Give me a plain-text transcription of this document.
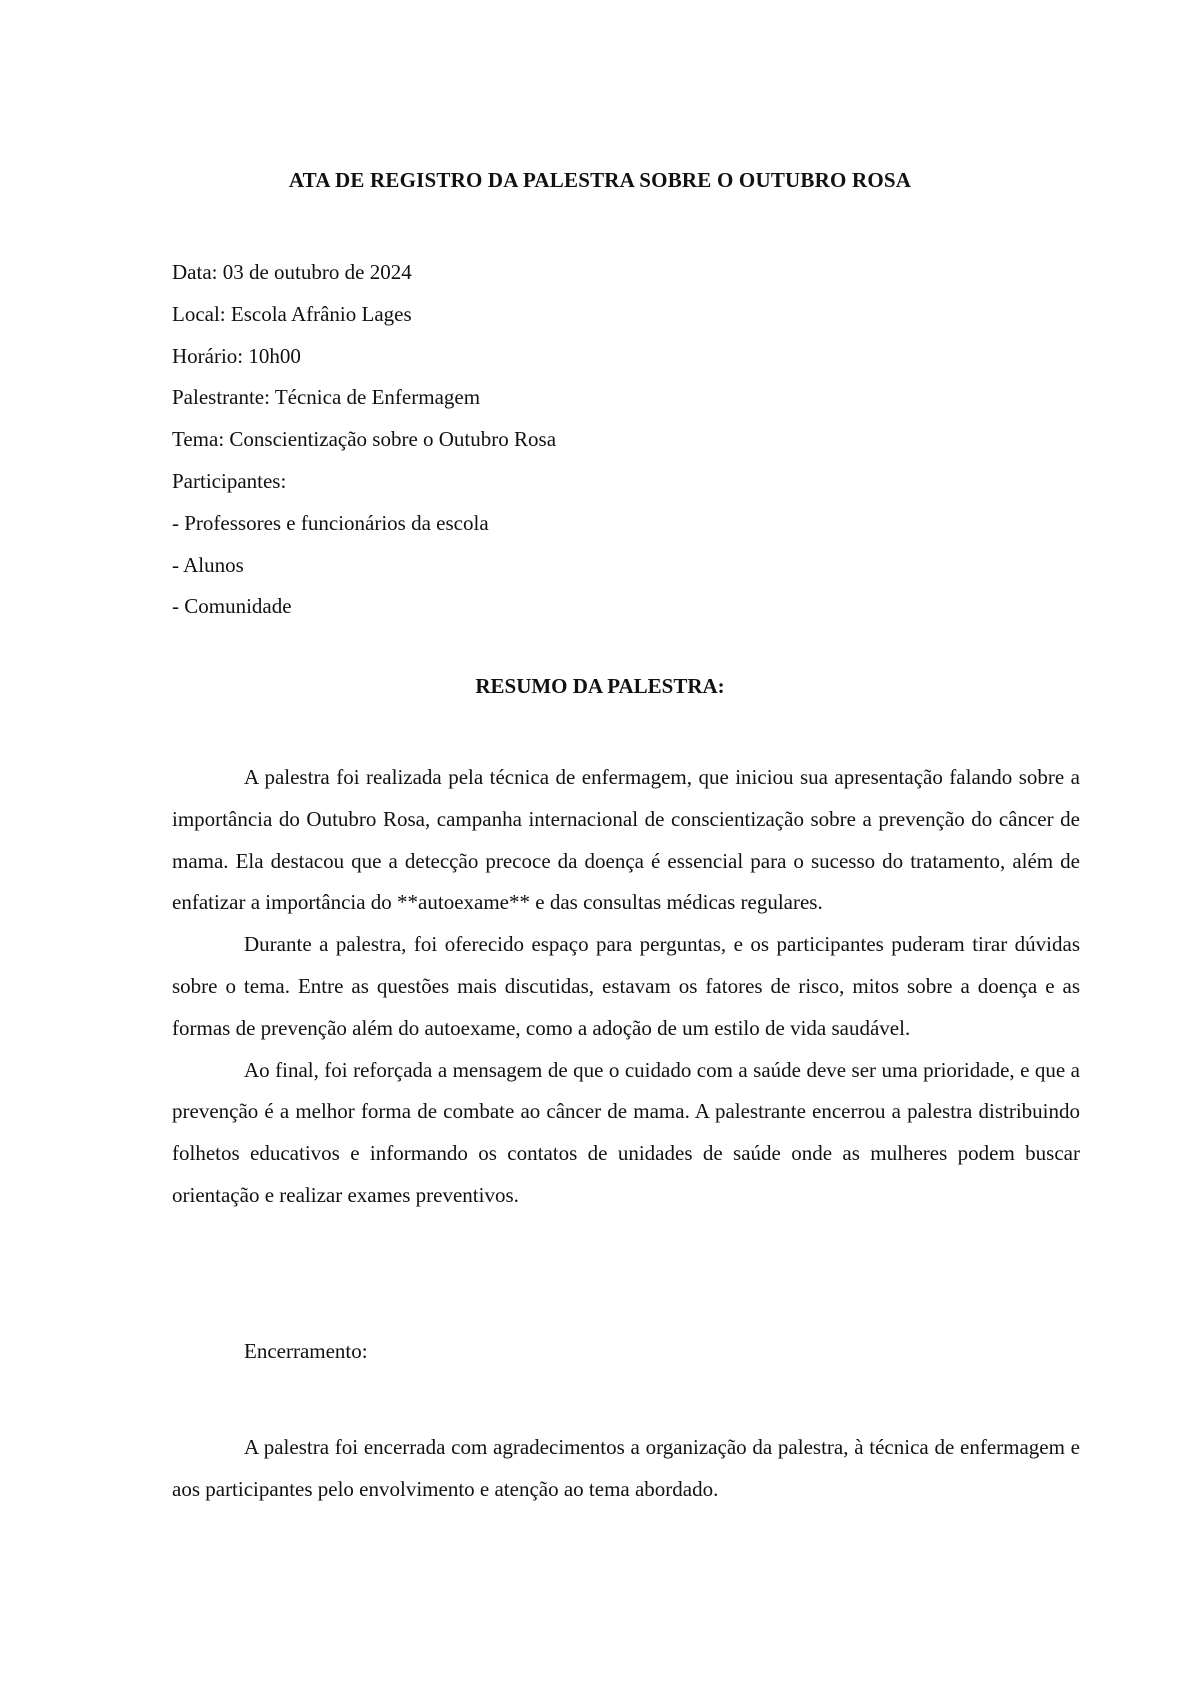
ATA DE REGISTRO DA PALESTRA SOBRE O OUTUBRO ROSA
Data: 03 de outubro de 2024
Local: Escola Afrânio Lages
Horário: 10h00
Palestrante: Técnica de Enfermagem
Tema: Conscientização sobre o Outubro Rosa
Participantes:
- Professores e funcionários da escola
- Alunos
- Comunidade
RESUMO DA PALESTRA:

A palestra foi realizada pela técnica de enfermagem, que iniciou sua apresentação falando sobre a importância do Outubro Rosa, campanha internacional de conscientização sobre a prevenção do câncer de mama. Ela destacou que a detecção precoce da doença é essencial para o sucesso do tratamento, além de enfatizar a importância do **autoexame** e das consultas médicas regulares.

Durante a palestra, foi oferecido espaço para perguntas, e os participantes puderam tirar dúvidas sobre o tema. Entre as questões mais discutidas, estavam os fatores de risco, mitos sobre a doença e as formas de prevenção além do autoexame, como a adoção de um estilo de vida saudável.

Ao final, foi reforçada a mensagem de que o cuidado com a saúde deve ser uma prioridade, e que a prevenção é a melhor forma de combate ao câncer de mama. A palestrante encerrou a palestra distribuindo folhetos educativos e informando os contatos de unidades de saúde onde as mulheres podem buscar orientação e realizar exames preventivos.

Encerramento:

A palestra foi encerrada com agradecimentos a organização da palestra, à técnica de enfermagem e aos participantes pelo envolvimento e atenção ao tema abordado.
